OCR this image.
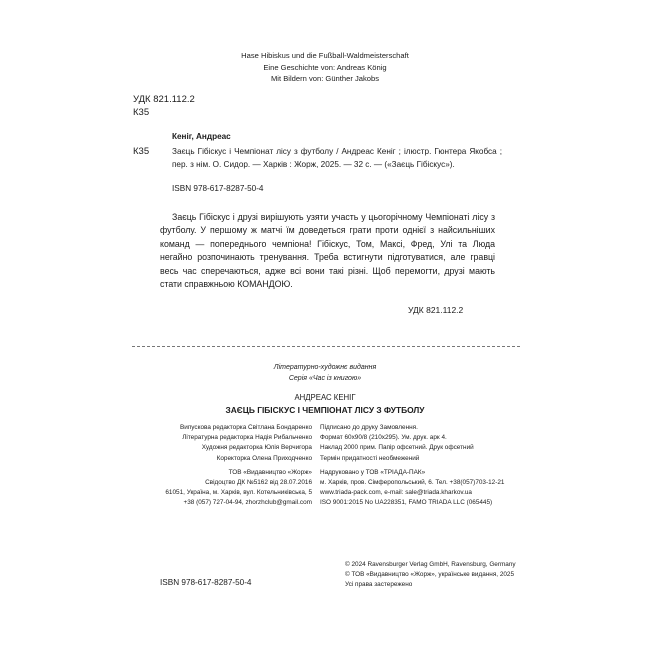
Hase Hibiskus und die Fußball-Waldmeisterschaft
Eine Geschichte von: Andreas König
Mit Bildern von: Günther Jakobs
УДК 821.112.2
К35
Кеніг, Андреас
К35	Заєць Гібіскус і Чемпіонат лісу з футболу / Андреас Кеніг ; ілюстр. Гюнтера Якобса ; пер. з нім. О. Сидор. — Харків : Жорж, 2025. — 32 с. — («Заєць Гібіскус»).
ISBN 978-617-8287-50-4

Заєць Гібіскус і друзі вирішують узяти участь у цьогорічному Чемпіонаті лісу з футболу. У першому ж матчі їм доведеться грати проти однієї з найсильніших команд — попереднього чемпіона! Гібіскус, Том, Максі, Фред, Улі та Люда негайно розпочинають тренування. Треба встигнути підготуватися, але гравці весь час сперечаються, адже всі вони такі різні. Щоб перемогти, друзі мають стати справжньою КОМАНДОЮ.

УДК 821.112.2
Літературно-художнє видання
Серія «Час із книгою»
АНДРЕАС КЕНІГ
ЗАЄЦЬ ГІБІСКУС І ЧЕМПІОНАТ ЛІСУ З ФУТБОЛУ
Випускова редакторка Світлана Бондаренко
Літературна редакторка Надія Рибальченко
Художня редакторка Юлія Верчигора
Коректорка Олена Приходченко
ТОВ «Видавництво «Жорж»
Свідоцтво ДК №5162 від 28.07.2016
61051, Україна, м. Харків, вул. Котельниківська, 5
+38 (057) 727-04-94, zhorzhclub@gmail.com
Підписано до друку Замовлення.
Формат 60х90/8 (210х295). Ум. друк. арк 4.
Наклад 2000 прим. Папір офсетний. Друк офсетний
Термін придатності необмежений
Надруковано у ТОВ «ТРІАДА-ПАК»
м. Харків, пров. Сімферопольський, 6. Тел. +38(057)703-12-21
www.triada-pack.com, e-mail: sale@triada.kharkov.ua
ISO 9001:2015 No UA228351, FAMO TRIADA LLC (065445)
© 2024 Ravensburger Verlag GmbH, Ravensburg, Germany
© ТОВ «Видавництво «Жорж», українське видання, 2025
Усі права застережено
ISBN 978-617-8287-50-4
